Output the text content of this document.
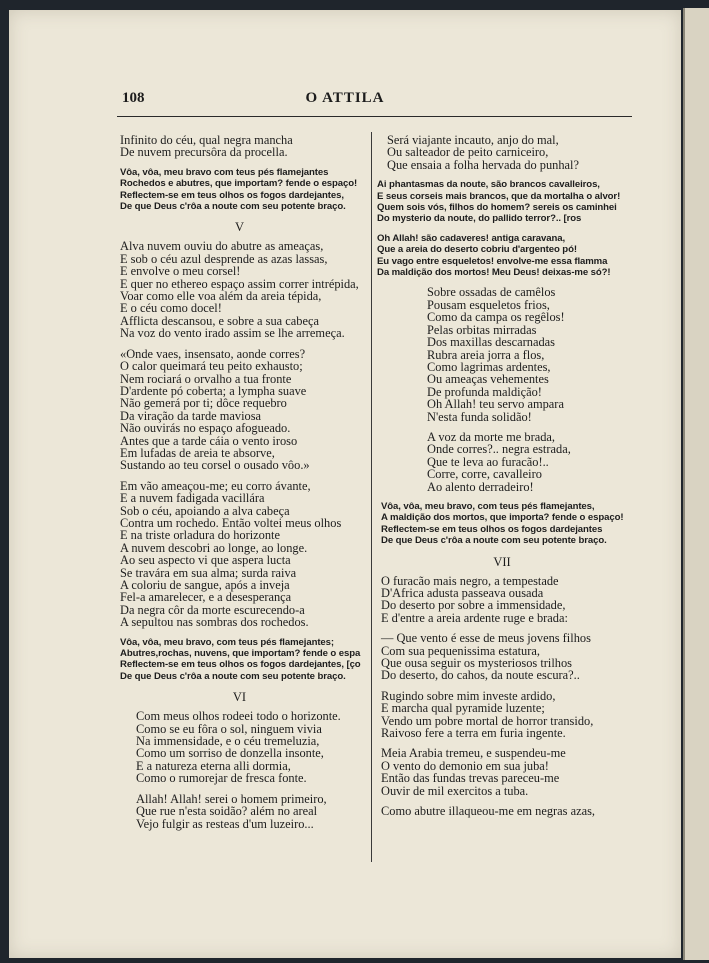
108	O ATTILA
Infinito do céu, qual negra mancha
De nuvem precursôra da procella.
Vôa, vôa, meu bravo com teus pés flamejantes
Rochedos e abutres, que importam? fende o espaço!
Reflectem-se em teus olhos os fogos dardejantes,
De que Deus c'rôa a noute com seu potente braço.
V
Alva nuvem ouviu do abutre as ameaças,
E sob o céu azul desprende as azas lassas,
E envolve o meu corsel!
E quer no ethereo espaço assim correr intrépida,
Voar como elle voa além da areia tépida,
E o céu como docel!
Afflicta descansou, e sobre a sua cabeça
Na voz do vento irado assim se lhe arremeça.
«Onde vaes, insensato, aonde corres?
O calor queimará teu peito exhausto;
Nem rociará o orvalho a tua fronte
D'ardente pó coberta; a lympha suave
Não gemerá por ti; dôce requebro
Da viração da tarde maviosa
Não ouvirás no espaço afogueado.
Antes que a tarde cáia o vento iroso
Em lufadas de areia te absorve,
Sustando ao teu corsel o ousado vôo.»
Em vão ameaçou-me; eu corro ávante,
E a nuvem fadigada vacillára
Sob o céu, apoiando a alva cabeça
Contra um rochedo. Então voltei meus olhos
E na triste orladura do horizonte
A nuvem descobri ao longe, ao longe.
Ao seu aspecto vi que aspera lucta
Se travára em sua alma; surda raiva
A coloriu de sangue, após a inveja
Fel-a amarelecer, e a desesperança
Da negra côr da morte escurecendo-a
A sepultou nas sombras dos rochedos.
Vôa, vôa, meu bravo, com teus pés flamejantes;
Abutres,rochas, nuvens, que importam? fende o espa
Reflectem-se em teus olhos os fogos dardejantes, [ço
De que Deus c'rôa a noute com seu potente braço.
VI
Com meus olhos rodeei todo o horizonte.
Como se eu fôra o sol, ninguem vivia
Na immensidade, e o céu tremeluzia,
Como um sorriso de donzella insonte,
E a natureza eterna alli dormia,
Como o rumorejar de fresca fonte.
Allah! Allah! serei o homem primeiro,
Que rue n'esta soidão? além no areal
Vejo fulgir as resteas d'um luzeiro...
Será viajante incauto, anjo do mal,
Ou salteador de peito carniceiro,
Que ensaia a folha hervada do punhal?
Ai phantasmas da noute, são brancos cavalleiros,
E seus corseis mais brancos, que da mortalha o alvor!
Quem sois vós, filhos do homem? sereis os caminhei
Do mysterio da noute, do pallido terror?.. [ros
Oh Allah! são cadaveres! antiga caravana,
Que a areia do deserto cobriu d'argenteo pó!
Eu vago entre esqueletos! envolve-me essa flamma
Da maldição dos mortos! Meu Deus! deixas-me só?!
Sobre ossadas de camêlos
Pousam esqueletos frios,
Como da campa os regêlos!
Pelas orbitas mirradas
Dos maxillas descarnadas
Rubra areia jorra a flos,
Como lagrimas ardentes,
Ou ameaças vehementes
De profunda maldição!
Oh Allah! teu servo ampara
N'esta funda solidão!
A voz da morte me brada,
Onde corres?.. negra estrada,
Que te leva ao furacão!..
Corre, corre, cavalleiro
Ao alento derradeiro!
Vôa, vôa, meu bravo, com teus pés flamejantes,
A maldição dos mortos, que importa? fende o espaço!
Reflectem-se em teus olhos os fogos dardejantes
De que Deus c'rôa a noute com seu potente braço.
VII
O furacão mais negro, a tempestade
D'Africa adusta passeava ousada
Do deserto por sobre a immensidade,
E d'entre a areia ardente ruge e brada:
— Que vento é esse de meus jovens filhos
Com sua pequenissima estatura,
Que ousa seguir os mysteriosos trilhos
Do deserto, do cahos, da noute escura?..
Rugindo sobre mim investe ardido,
E marcha qual pyramide luzente;
Vendo um pobre mortal de horror transido,
Raivoso fere a terra em furia ingente.
Meia Arabia tremeu, e suspendeu-me
O vento do demonio em sua juba!
Então das fundas trevas pareceu-me
Ouvir de mil exercitos a tuba.
Como abutre illaqueou-me em negras azas,
